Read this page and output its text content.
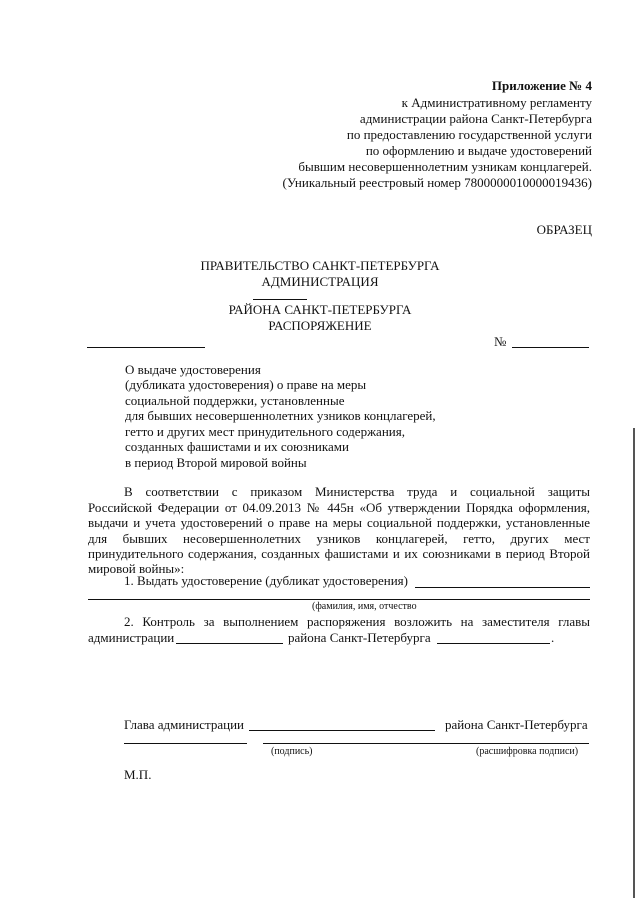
Приложение № 4
к Административному регламенту
администрации района Санкт-Петербурга
по предоставлению государственной услуги
по оформлению и выдаче удостоверений
бывшим несовершеннолетним узникам концлагерей.
(Уникальный реестровый номер 7800000010000019436)
ОБРАЗЕЦ
ПРАВИТЕЛЬСТВО САНКТ-ПЕТЕРБУРГА
АДМИНИСТРАЦИЯ
РАЙОНА САНКТ-ПЕТЕРБУРГА
РАСПОРЯЖЕНИЕ
№
О выдаче удостоверения
(дубликата удостоверения) о праве на меры
социальной поддержки, установленные
для бывших несовершеннолетних узников концлагерей,
гетто и других мест принудительного содержания,
созданных фашистами и их союзниками
в период Второй мировой войны
В соответствии с приказом Министерства труда и социальной защиты
Российской Федерации от 04.09.2013 № 445н «Об утверждении Порядка оформления,
выдачи и учета удостоверений о праве на меры социальной поддержки, установленные
для бывших несовершеннолетних узников концлагерей, гетто, других мест
принудительного содержания, созданных фашистами и их союзниками в период Второй
мировой войны»:
1. Выдать удостоверение (дубликат удостоверения)
(фамилия, имя, отчество
2. Контроль за выполнением распоряжения возложить на заместителя главы
администрации	района Санкт-Петербурга	.
Глава администрации	района Санкт-Петербурга
(подпись)	(расшифровка подписи)
М.П.
